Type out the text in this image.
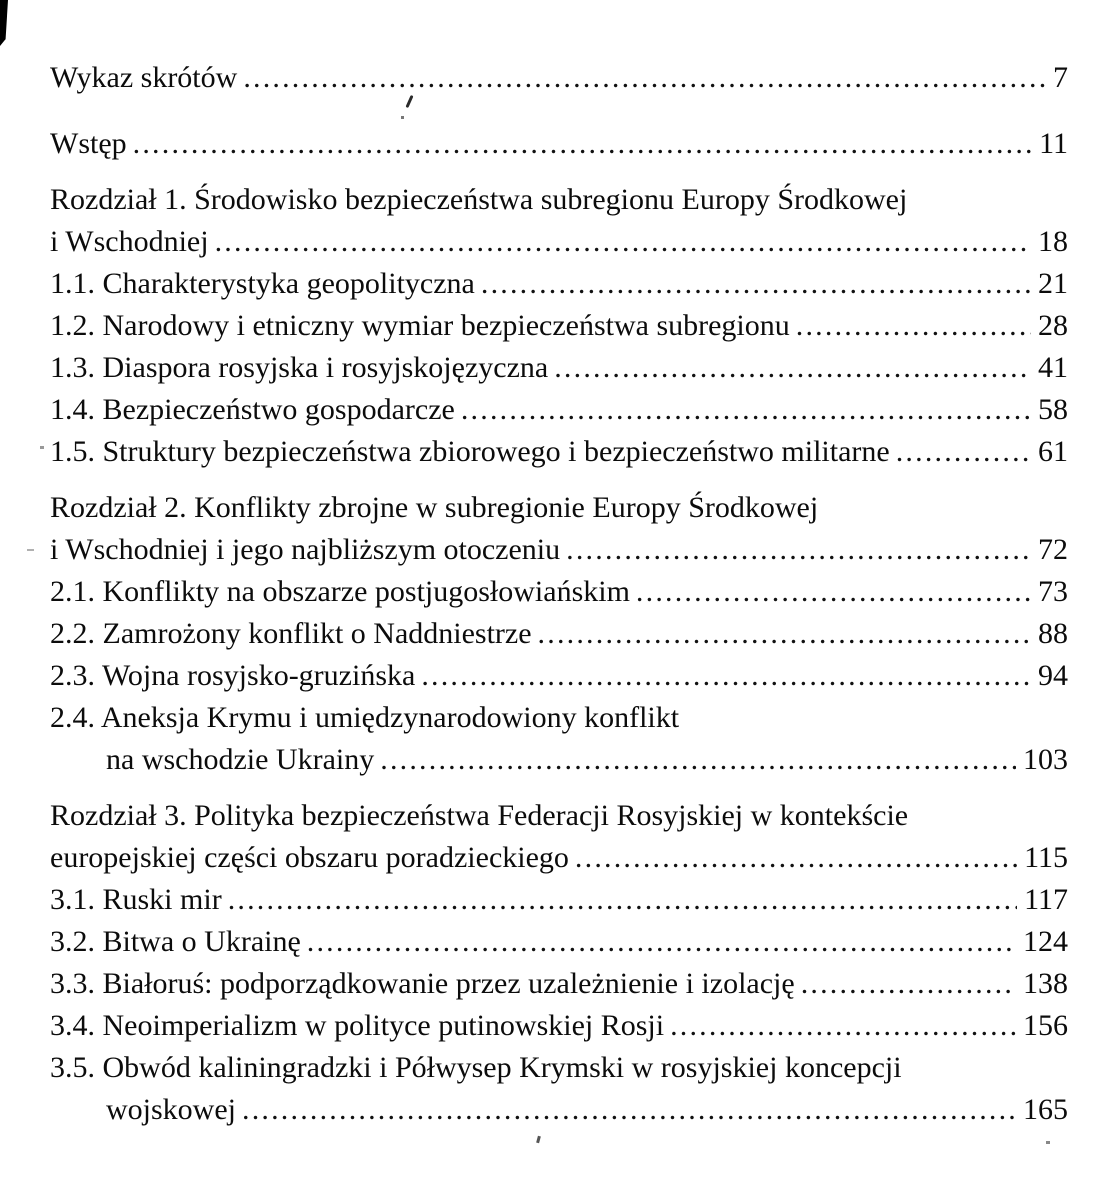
Wykaz skrótów .....	7
Wstęp .....	11
Rozdział 1. Środowisko bezpieczeństwa subregionu Europy Środkowej
i Wschodniej .....	18
1.1. Charakterystyka geopolityczna .....	21
1.2. Narodowy i etniczny wymiar bezpieczeństwa subregionu .....	28
1.3. Diaspora rosyjska i rosyjskojęzyczna .....	41
1.4. Bezpieczeństwo gospodarcze .....	58
1.5. Struktury bezpieczeństwa zbiorowego i bezpieczeństwo militarne .....	61
Rozdział 2. Konflikty zbrojne w subregionie Europy Środkowej
i Wschodniej i jego najbliższym otoczeniu .....	72
2.1. Konflikty na obszarze postjugosłowiańskim .....	73
2.2. Zamrożony konflikt o Naddniestrze .....	88
2.3. Wojna rosyjsko-gruzińska .....	94
2.4. Aneksja Krymu i umiędzynarodowiony konflikt
na wschodzie Ukrainy .....	103
Rozdział 3. Polityka bezpieczeństwa Federacji Rosyjskiej w kontekście
europejskiej części obszaru poradzieckiego .....	115
3.1. Ruski mir .....	117
3.2. Bitwa o Ukrainę .....	124
3.3. Białoruś: podporządkowanie przez uzależnienie i izolację .....	138
3.4. Neoimperializm w polityce putinowskiej Rosji .....	156
3.5. Obwód kaliningradzki i Półwysep Krymski w rosyjskiej koncepcji
wojskowej .....	165
